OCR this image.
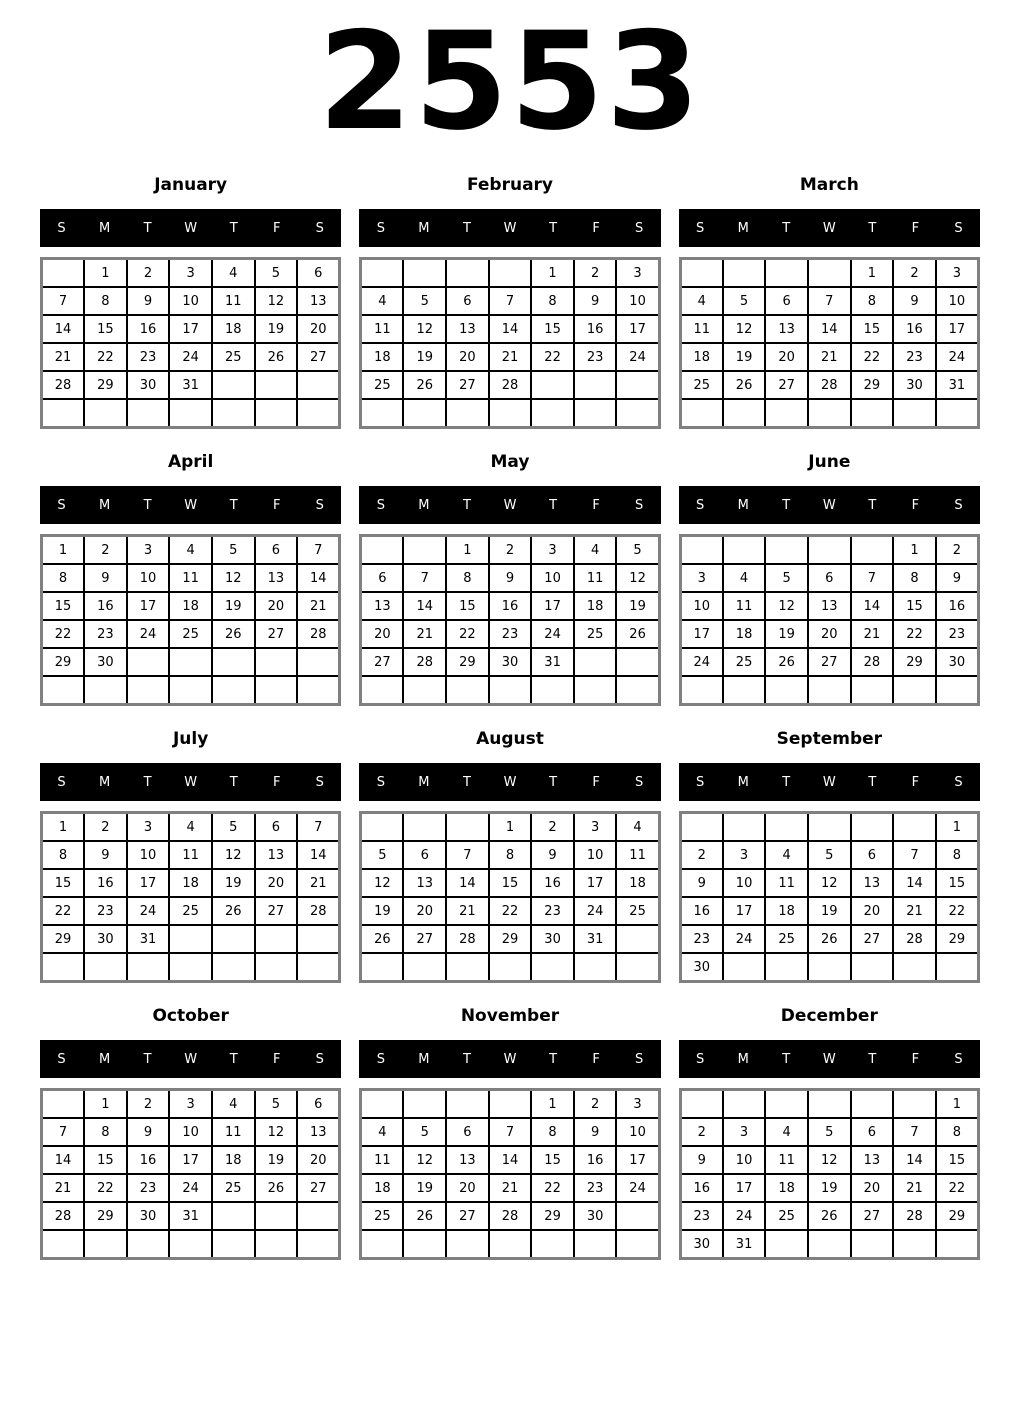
2553
January
S	M	T	W	T	F	S
	1	2	3	4	5	6
7	8	9	10	11	12	13
14	15	16	17	18	19	20
21	22	23	24	25	26	27
28	29	30	31			

February
S	M	T	W	T	F	S
				1	2	3
4	5	6	7	8	9	10
11	12	13	14	15	16	17
18	19	20	21	22	23	24
25	26	27	28			

March
S	M	T	W	T	F	S
				1	2	3
4	5	6	7	8	9	10
11	12	13	14	15	16	17
18	19	20	21	22	23	24
25	26	27	28	29	30	31

April
S	M	T	W	T	F	S
1	2	3	4	5	6	7
8	9	10	11	12	13	14
15	16	17	18	19	20	21
22	23	24	25	26	27	28
29	30					

May
S	M	T	W	T	F	S
		1	2	3	4	5
6	7	8	9	10	11	12
13	14	15	16	17	18	19
20	21	22	23	24	25	26
27	28	29	30	31		

June
S	M	T	W	T	F	S
					1	2
3	4	5	6	7	8	9
10	11	12	13	14	15	16
17	18	19	20	21	22	23
24	25	26	27	28	29	30

July
S	M	T	W	T	F	S
1	2	3	4	5	6	7
8	9	10	11	12	13	14
15	16	17	18	19	20	21
22	23	24	25	26	27	28
29	30	31				

August
S	M	T	W	T	F	S
			1	2	3	4
5	6	7	8	9	10	11
12	13	14	15	16	17	18
19	20	21	22	23	24	25
26	27	28	29	30	31	

September
S	M	T	W	T	F	S
						1
2	3	4	5	6	7	8
9	10	11	12	13	14	15
16	17	18	19	20	21	22
23	24	25	26	27	28	29
30						
October
S	M	T	W	T	F	S
	1	2	3	4	5	6
7	8	9	10	11	12	13
14	15	16	17	18	19	20
21	22	23	24	25	26	27
28	29	30	31			

November
S	M	T	W	T	F	S
				1	2	3
4	5	6	7	8	9	10
11	12	13	14	15	16	17
18	19	20	21	22	23	24
25	26	27	28	29	30	

December
S	M	T	W	T	F	S
						1
2	3	4	5	6	7	8
9	10	11	12	13	14	15
16	17	18	19	20	21	22
23	24	25	26	27	28	29
30	31					
